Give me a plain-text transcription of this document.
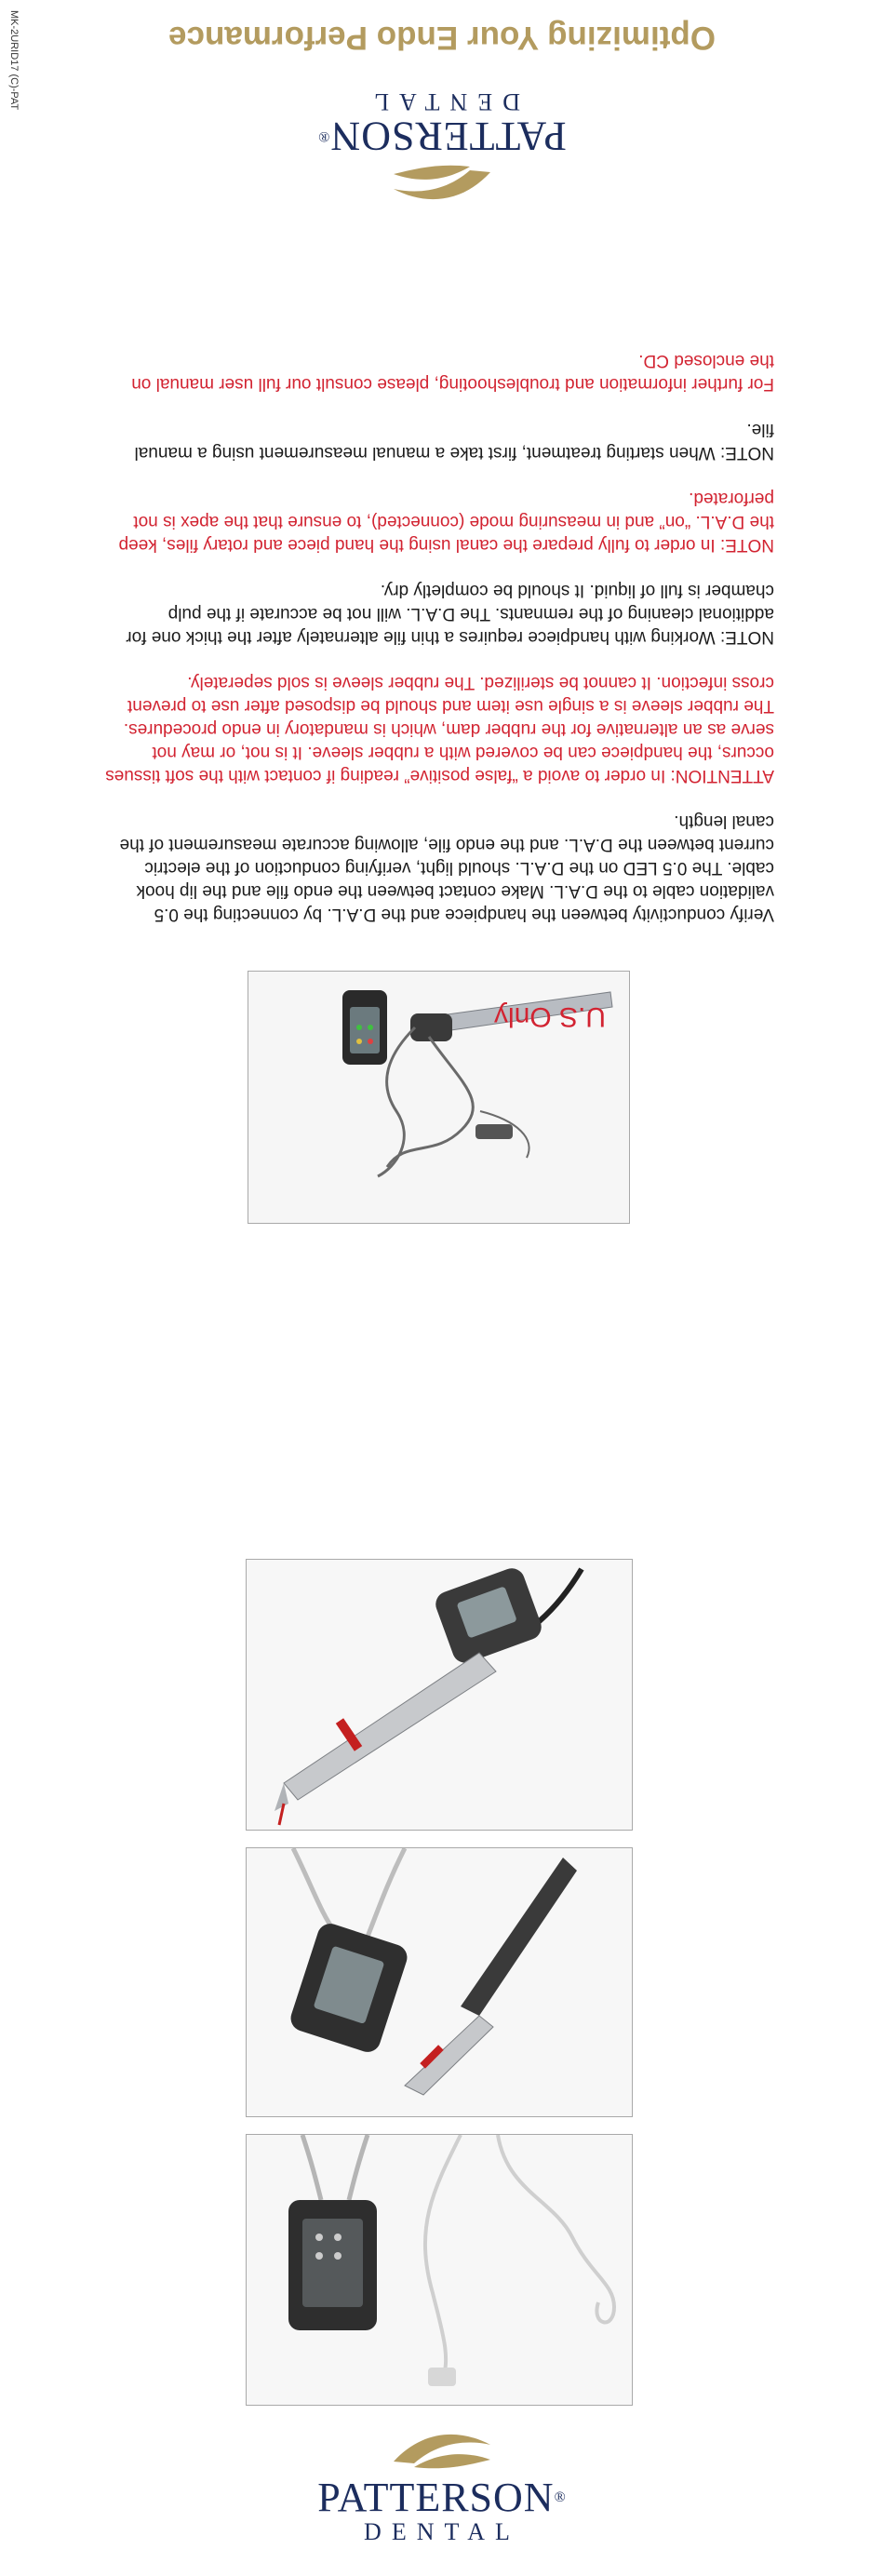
MK-2URID17 (C)-PAT
U.S Only

Verify conductivity between the handpiece and the D.A.L. by connecting the 0.5 validation cable to the D.A.L. Make contact between the endo file and the lip hook cable. The 0.5 LED on the D.A.L. should light, verifying conduction of the electric current between the D.A.L. and the endo file, allowing accurate measurement of the canal length.

ATTENTION: In order to avoid a “false positive” reading if contact with the soft tissues occurs, the handpiece can be covered with a rubber sleeve. It is not, or may not serve as an alternative for the rubber dam, which is mandatory in endo procedures. The rubber sleeve is a single use item and should be disposed after use to prevent cross infection. It cannot be sterilized. The rubber sleeve is sold seperately.

NOTE: Working with handpiece requires a thin file alternately after the thick one for additional cleaning of the remnants. The D.A.L. will not be accurate if the pulp chamber is full of liquid. It should be completly dry.

NOTE: In order to fully prepare the canal using the hand piece and rotary files, keep the D.A.L. “on” and in measuring mode (connected), to ensure that the apex is not perforated.

NOTE: When starting treatment, first take a manual measurement using a manual file.

For further information and troubleshooting, please consult our full user manual on the enclosed CD.

PATTERSON®
DENTAL
Optimizing Your Endo Performance
PATTERSON®
DENTAL
